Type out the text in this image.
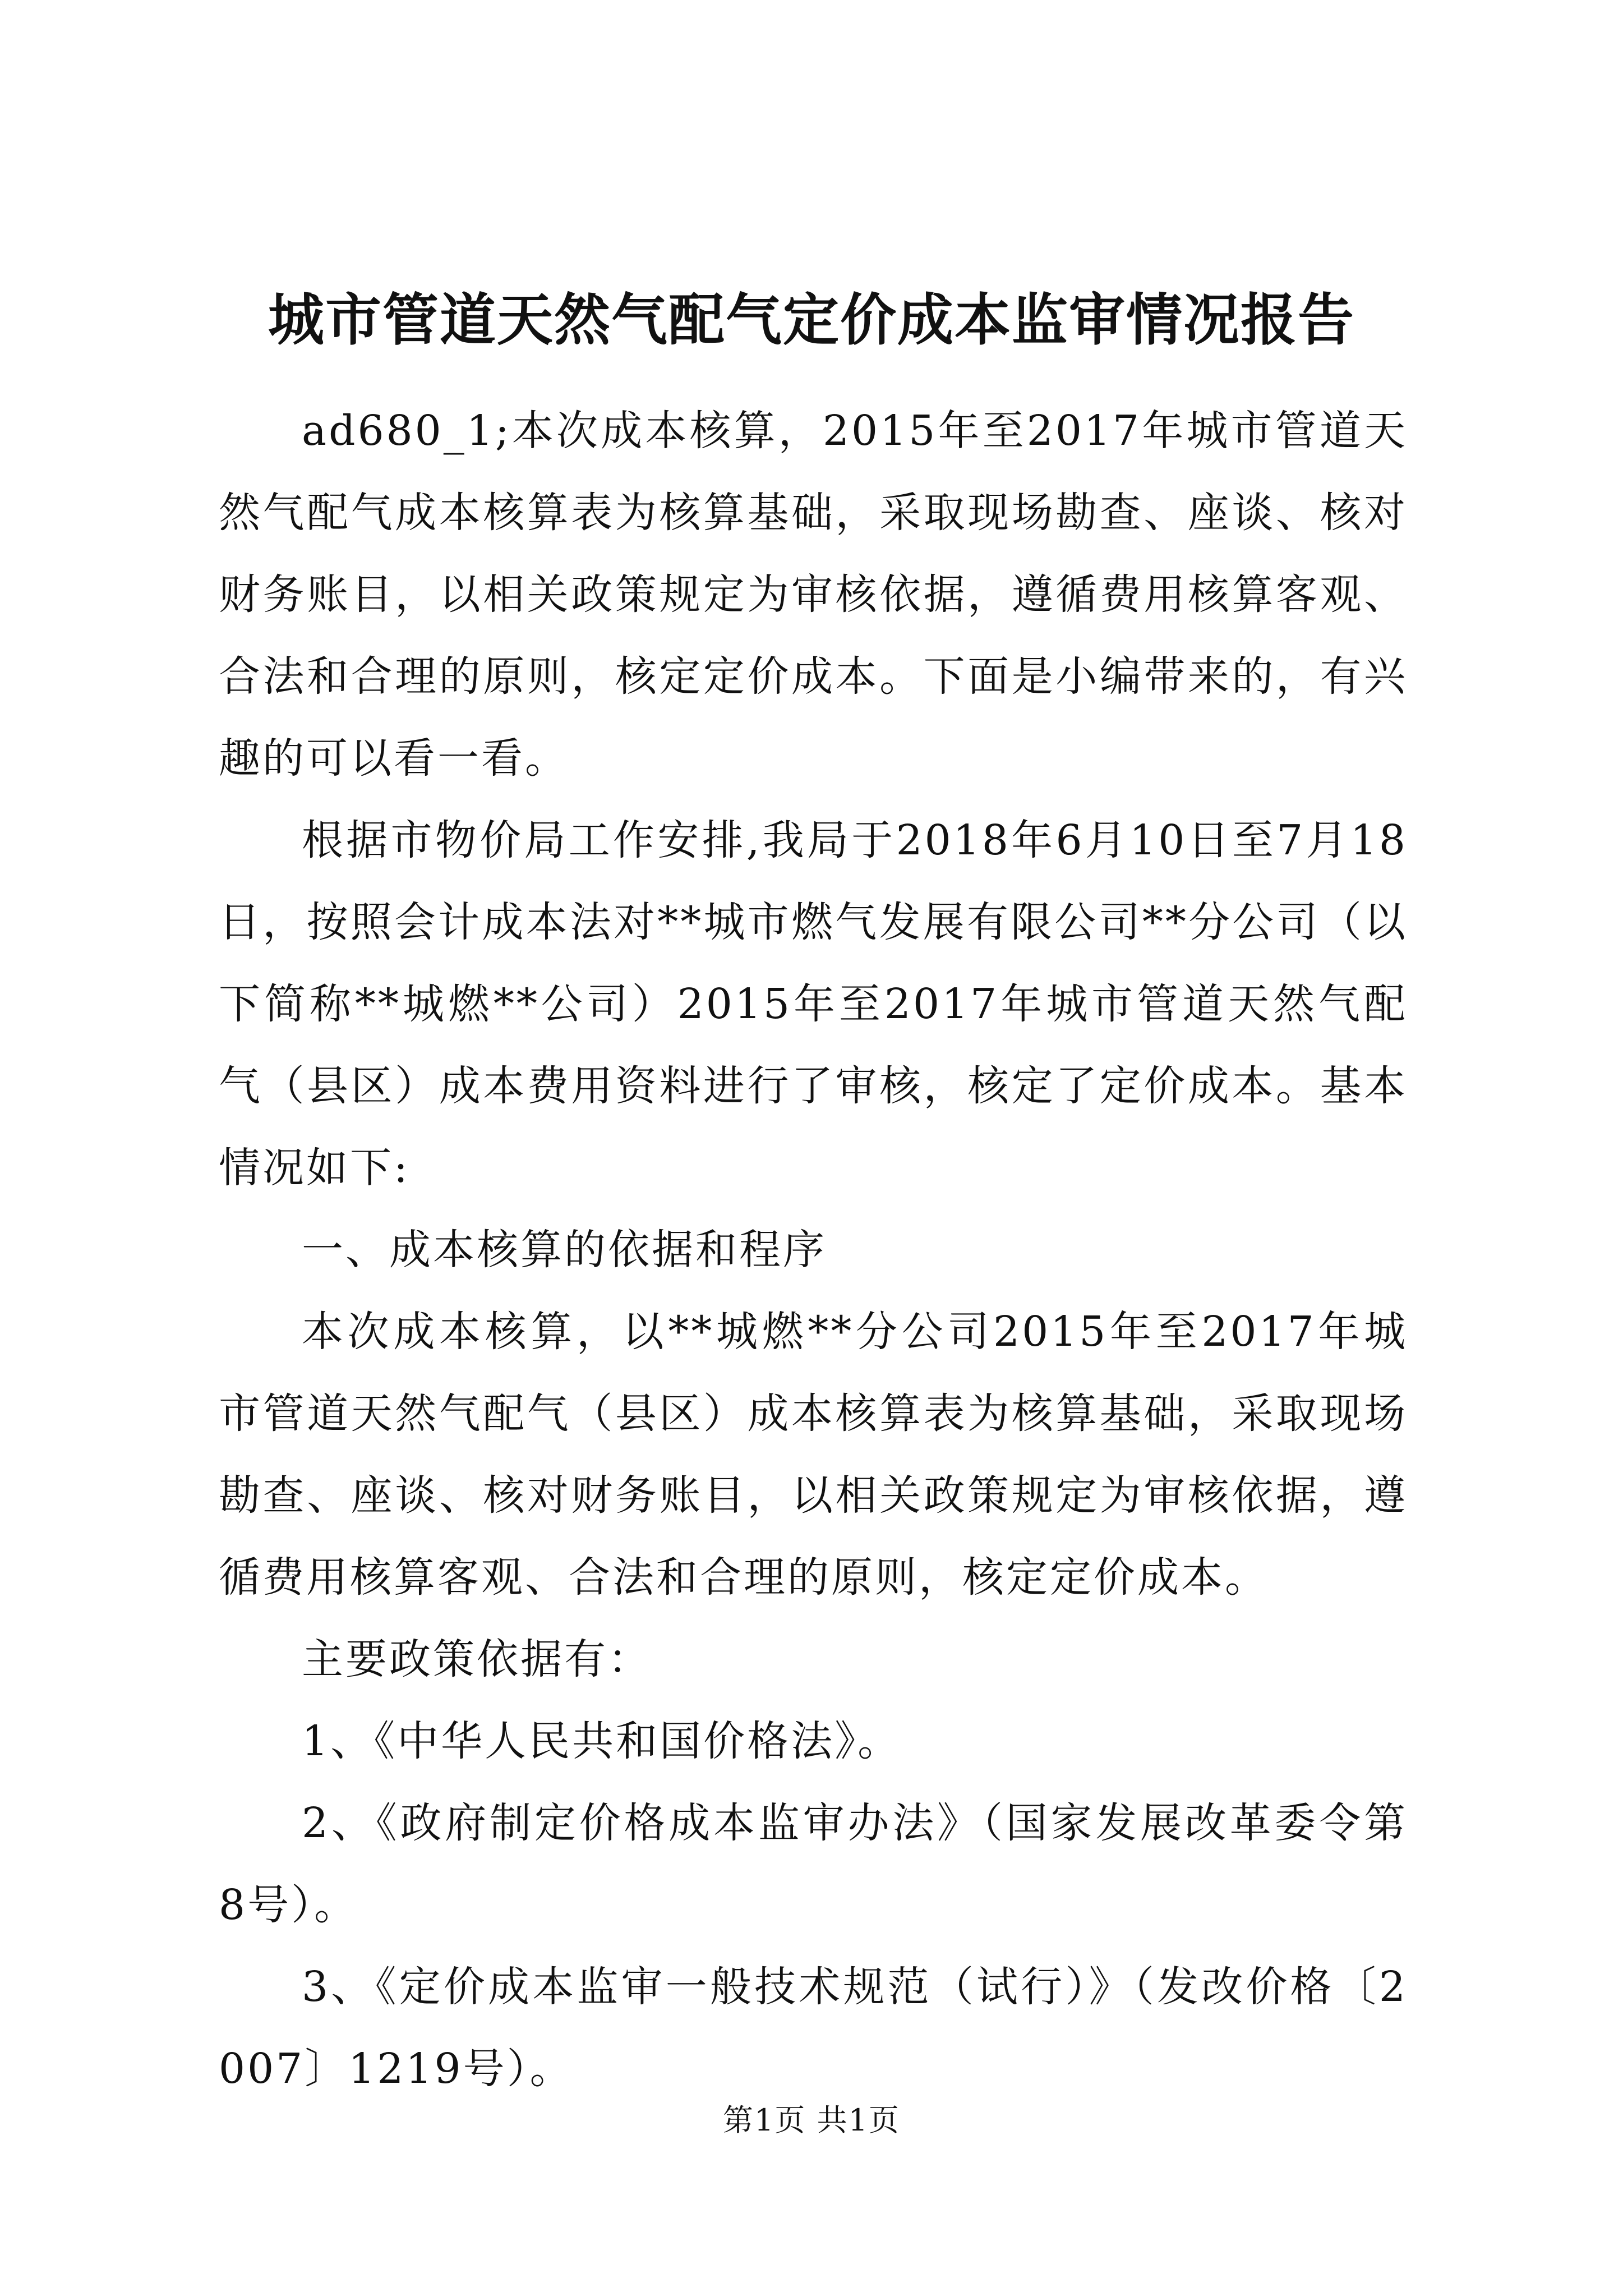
城市管道天然气配气定价成本监审情况报告

ad680_1;本次成本核算，2015年至2017年城市管道天然气配气成本核算表为核算基础，采取现场勘查、座谈、核对财务账目，以相关政策规定为审核依据，遵循费用核算客观、合法和合理的原则，核定定价成本。下面是小编带来的，有兴趣的可以看一看。

根据市物价局工作安排,我局于2018年6月10日至7月18日，按照会计成本法对**城市燃气发展有限公司**分公司（以下简称**城燃**公司）2015年至2017年城市管道天然气配气（县区）成本费用资料进行了审核，核定了定价成本。基本情况如下:

一、成本核算的依据和程序

本次成本核算，以**城燃**分公司2015年至2017年城市管道天然气配气（县区）成本核算表为核算基础，采取现场勘查、座谈、核对财务账目，以相关政策规定为审核依据，遵循费用核算客观、合法和合理的原则，核定定价成本。

主要政策依据有：

1、《中华人民共和国价格法》。

2、《政府制定价格成本监审办法》（国家发展改革委令第8号）。

3、《定价成本监审一般技术规范（试行）》（发改价格〔2007〕1219号）。

第1页 共1页
